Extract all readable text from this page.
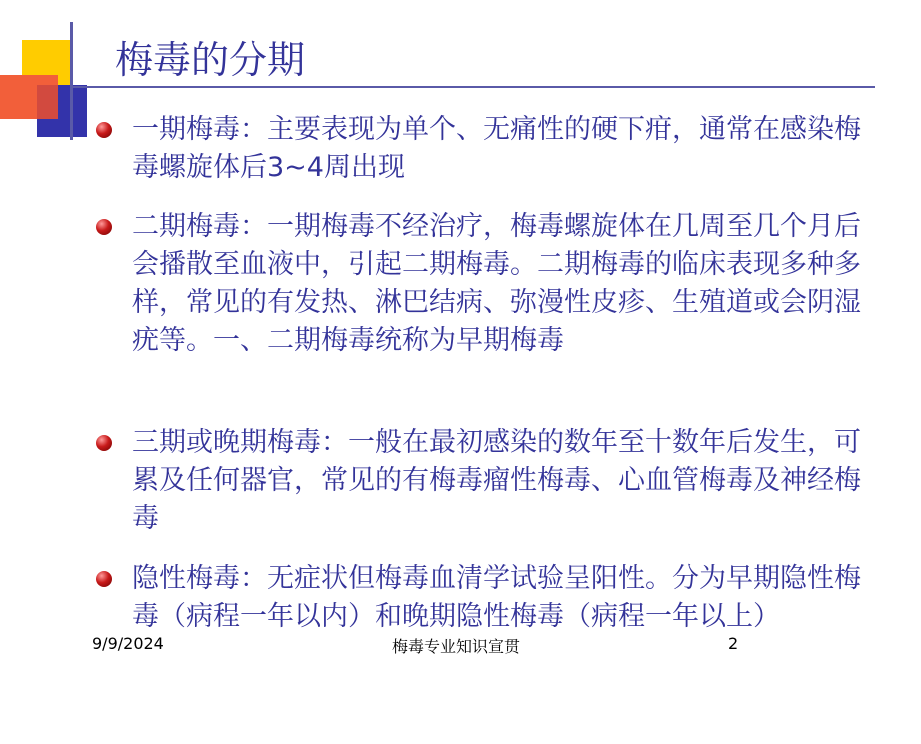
梅毒的分期
一期梅毒：主要表现为单个、无痛性的硬下疳，通常在感染梅毒螺旋体后3~4周出现
二期梅毒：一期梅毒不经治疗，梅毒螺旋体在几周至几个月后会播散至血液中，引起二期梅毒。二期梅毒的临床表现多种多样，常见的有发热、淋巴结病、弥漫性皮疹、生殖道或会阴湿疣等。一、二期梅毒统称为早期梅毒
三期或晚期梅毒：一般在最初感染的数年至十数年后发生，可累及任何器官，常见的有梅毒瘤性梅毒、心血管梅毒及神经梅毒
隐性梅毒：无症状但梅毒血清学试验呈阳性。分为早期隐性梅毒（病程一年以内）和晚期隐性梅毒（病程一年以上）
9/9/2024	梅毒专业知识宣贯	2
